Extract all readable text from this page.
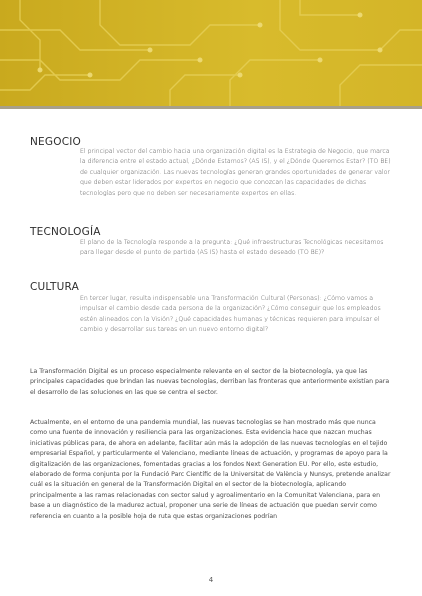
NEGOCIO
El principal vector del cambio hacia una organización digital es la Estrategia de Negocio, que marca la diferencia entre el estado actual, ¿Dónde Estamos? (AS IS), y el ¿Dónde Queremos Estar? (TO BE) de cualquier organización. Las nuevas tecnologías generan grandes oportunidades de generar valor que deben estar liderados por expertos en negocio que conozcan las capacidades de dichas tecnologías pero que no deben ser necesariamente expertos en ellas.
TECNOLOGÍA
El plano de la Tecnología responde a la pregunta: ¿Qué infraestructuras Tecnológicas necesitamos para llegar desde el punto de partida (AS IS) hasta el estado deseado (TO BE)?
CULTURA
En tercer lugar, resulta indispensable una Transformación Cultural (Personas): ¿Cómo vamos a impulsar el cambio desde cada persona de la organización? ¿Cómo conseguir que los empleados estén alineados con la Visión? ¿Qué capacidades humanas y técnicas requieren para impulsar el cambio y desarrollar sus tareas en un nuevo entorno digital?
La Transformación Digital es un proceso especialmente relevante en el sector de la biotecnología, ya que las principales capacidades que brindan las nuevas tecnologías, derriban las fronteras que anteriormente existían para el desarrollo de las soluciones en las que se centra el sector.
Actualmente, en el entorno de una pandemia mundial, las nuevas tecnologías se han mostrado más que nunca como una fuente de innovación y resiliencia para las organizaciones. Esta evidencia hace que nazcan muchas iniciativas públicas para, de ahora en adelante, facilitar aún más la adopción de las nuevas tecnologías en el tejido empresarial Español, y particularmente el Valenciano, mediante líneas de actuación, y programas de apoyo para la digitalización de las organizaciones, fomentadas gracias a los fondos Next Generation EU. Por ello, este estudio, elaborado de forma conjunta por la Fundació Parc Científic de la Universitat de València y Nunsys, pretende analizar cuál es la situación en general de la Transformación Digital en el sector de la biotecnología, aplicando principalmente a las ramas relacionadas con sector salud y agroalimentario en la Comunitat Valenciana, para en base a un diagnóstico de la madurez actual, proponer una serie de líneas de actuación que puedan servir como referencia en cuanto a la posible hoja de ruta que estas organizaciones podrían
4
